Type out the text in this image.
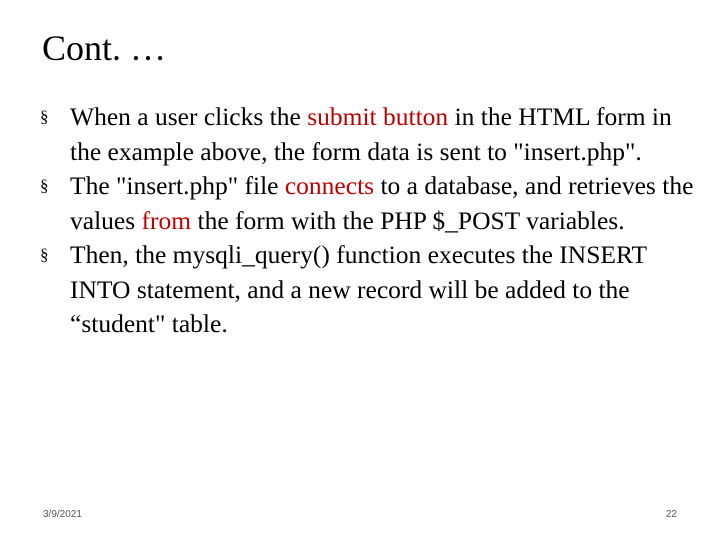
Cont. …
§ When a user clicks the submit button in the HTML form in the example above, the form data is sent to "insert.php".
§ The "insert.php" file connects to a database, and retrieves the values from the form with the PHP $_POST variables.
§ Then, the mysqli_query() function executes the INSERT INTO statement, and a new record will be added to the “student" table.
3/9/2021	22
